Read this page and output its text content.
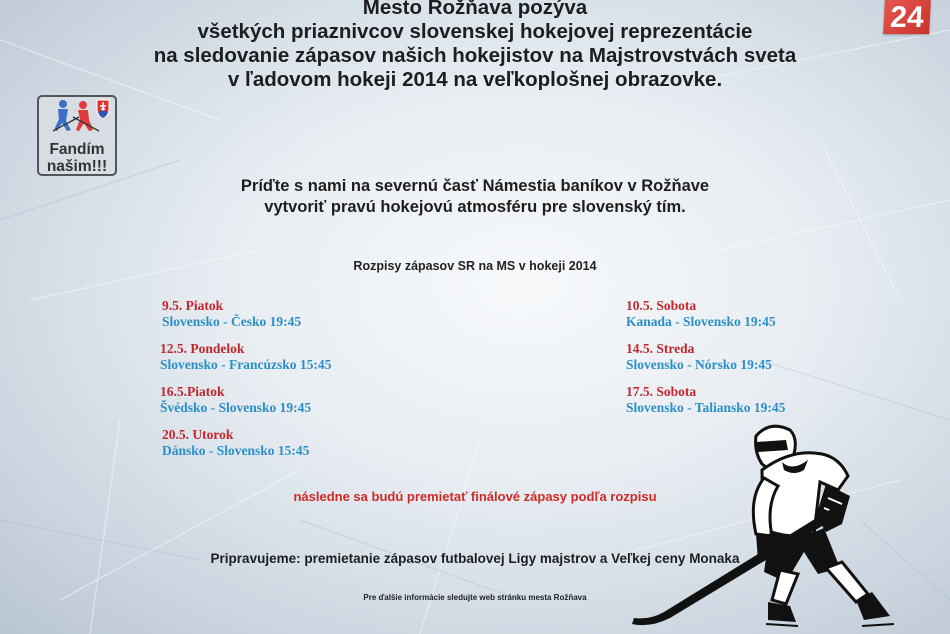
Mesto Rožňava pozýva
všetkých priaznivcov slovenskej hokejovej reprezentácie
na sledovanie zápasov našich hokejistov na Majstrovstvách sveta
v ľadovom hokeji 2014 na veľkoplošnej obrazovke.
Fandím
našim!!!
24
Príďte s nami na severnú časť Námestia baníkov v Rožňave
vytvoriť pravú hokejovú atmosféru pre slovenský tím.
Rozpisy zápasov SR na MS v hokeji 2014
9.5. Piatok
Slovensko - Česko 19:45
12.5. Pondelok
Slovensko - Francúzsko 15:45
16.5.Piatok
Švédsko - Slovensko 19:45
20.5. Utorok
Dánsko - Slovensko 15:45
10.5. Sobota
Kanada - Slovensko 19:45
14.5. Streda
Slovensko - Nórsko 19:45
17.5. Sobota
Slovensko - Taliansko 19:45
následne sa budú premietať finálové zápasy podľa rozpisu
Pripravujeme: premietanie zápasov futbalovej Ligy majstrov a Veľkej ceny Monaka
Pre ďalšie informácie sledujte web stránku mesta Rožňava
